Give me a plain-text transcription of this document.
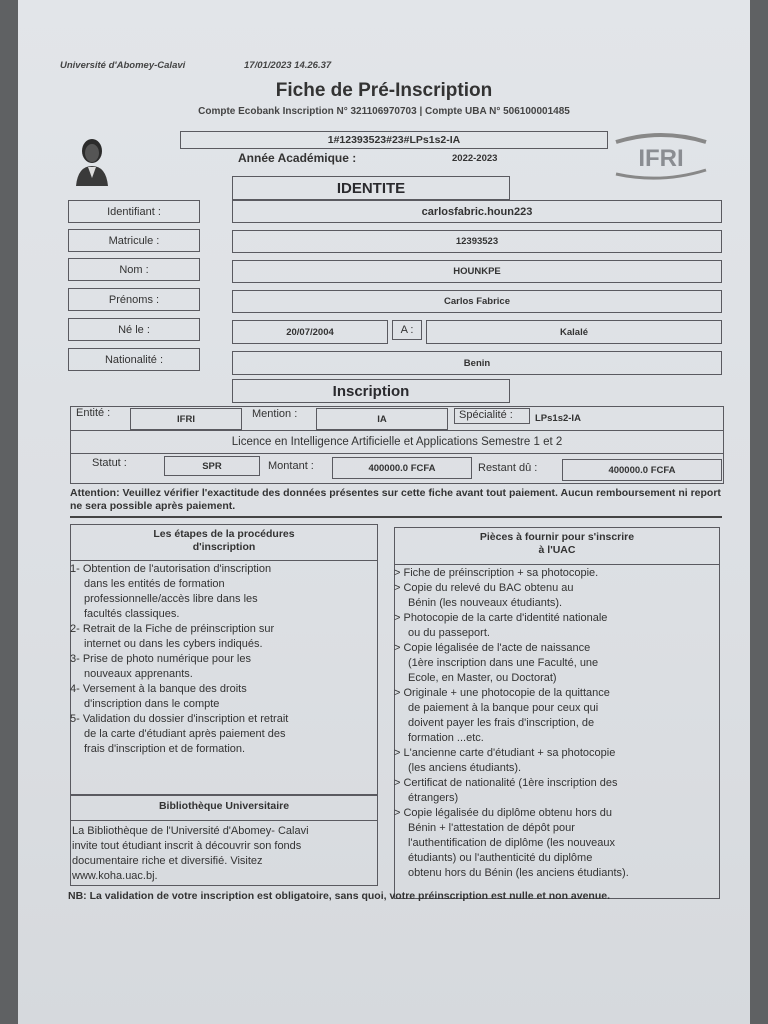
Université d'Abomey-Calavi	17/01/2023 14.26.37
Fiche de Pré-Inscription
Compte Ecobank Inscription N° 321106970703 | Compte UBA N° 506100001485
1#12393523#23#LPs1s2-IA
Année Académique :	2022-2023	IFRI
IDENTITE
Identifiant :	carlosfabric.houn223
Matricule :	12393523
Nom :	HOUNKPE
Prénoms :	Carlos Fabrice
Né le :	20/07/2004	A :	Kalalé
Nationalité :	Benin
Inscription
Entité :	IFRI	Mention :	IA	Spécialité : LPs1s2-IA
Licence en Intelligence Artificielle et Applications Semestre 1 et 2
Statut :	SPR	Montant :	400000.0 FCFA	Restant dû :	400000.0 FCFA
Attention: Veuillez vérifier l'exactitude des données présentes sur cette fiche avant tout paiement. Aucun remboursement ni report ne sera possible après paiement.
Les étapes de la procédures
d'inscription
1- Obtention de l'autorisation d'inscription
dans les entités de formation
professionnelle/accès libre dans les
facultés classiques.
2- Retrait de la Fiche de préinscription sur
internet ou dans les cybers indiqués.
3- Prise de photo numérique pour les
nouveaux apprenants.
4- Versement à la banque des droits
d'inscription dans le compte
5- Validation du dossier d'inscription et retrait
de la carte d'étudiant après paiement des
frais d'inscription et de formation.
Bibliothèque Universitaire
La Bibliothèque de l'Université d'Abomey- Calavi
invite tout étudiant inscrit à découvrir son fonds
documentaire riche et diversifié. Visitez
www.koha.uac.bj.
Pièces à fournir pour s'inscrire
à l'UAC
> Fiche de préinscription + sa photocopie.
> Copie du relevé du BAC obtenu au
Bénin (les nouveaux étudiants).
> Photocopie de la carte d'identité nationale
ou du passeport.
> Copie légalisée de l'acte de naissance
(1ère inscription dans une Faculté, une
Ecole, en Master, ou Doctorat)
> Originale + une photocopie de la quittance
de paiement à la banque pour ceux qui
doivent payer les frais d'inscription, de
formation ...etc.
> L'ancienne carte d'étudiant + sa photocopie
(les anciens étudiants).
> Certificat de nationalité (1ère inscription des
étrangers)
> Copie légalisée du diplôme obtenu hors du
Bénin + l'attestation de dépôt pour
l'authentification de diplôme (les nouveaux
étudiants) ou l'authenticité du diplôme
obtenu hors du Bénin (les anciens étudiants).
NB: La validation de votre inscription est obligatoire, sans quoi, votre préinscription est nulle et non avenue.
